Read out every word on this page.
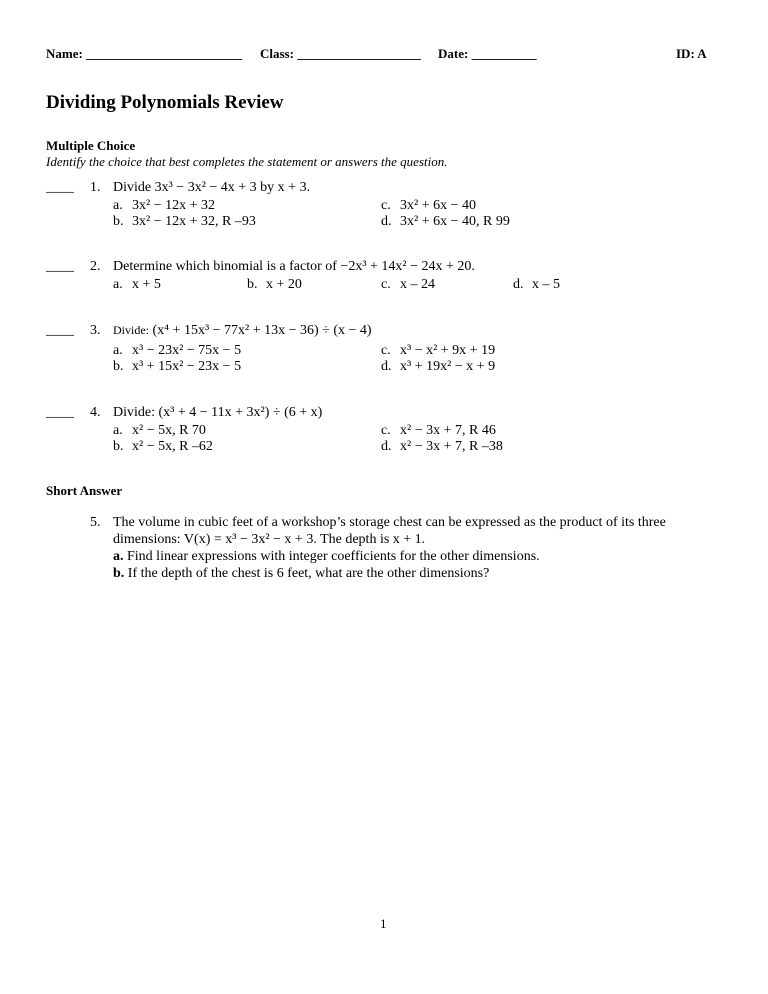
Name: ________________________ Class: ___________________ Date: __________	ID: A
Dividing Polynomials Review
Multiple Choice
Identify the choice that best completes the statement or answers the question.
____ 1. Divide 3x³ − 3x² − 4x + 3 by x + 3.
a. 3x² − 12x + 32
b. 3x² − 12x + 32, R –93
c. 3x² + 6x − 40
d. 3x² + 6x − 40, R 99
____ 2. Determine which binomial is a factor of −2x³ + 14x² − 24x + 20.
a. x + 5	b. x + 20	c. x – 24	d. x – 5
____ 3. Divide: (x⁴ + 15x³ − 77x² + 13x − 36) ÷ (x − 4)
a. x³ − 23x² − 75x − 5
b. x³ + 15x² − 23x − 5
c. x³ − x² + 9x + 19
d. x³ + 19x² − x + 9
____ 4. Divide: (x³ + 4 − 11x + 3x²) ÷ (6 + x)
a. x² − 5x, R 70
b. x² − 5x, R –62
c. x² − 3x + 7, R 46
d. x² − 3x + 7, R –38
Short Answer
5. The volume in cubic feet of a workshop’s storage chest can be expressed as the product of its three
dimensions: V(x) = x³ − 3x² − x + 3. The depth is x + 1.
a. Find linear expressions with integer coefficients for the other dimensions.
b. If the depth of the chest is 6 feet, what are the other dimensions?
1
